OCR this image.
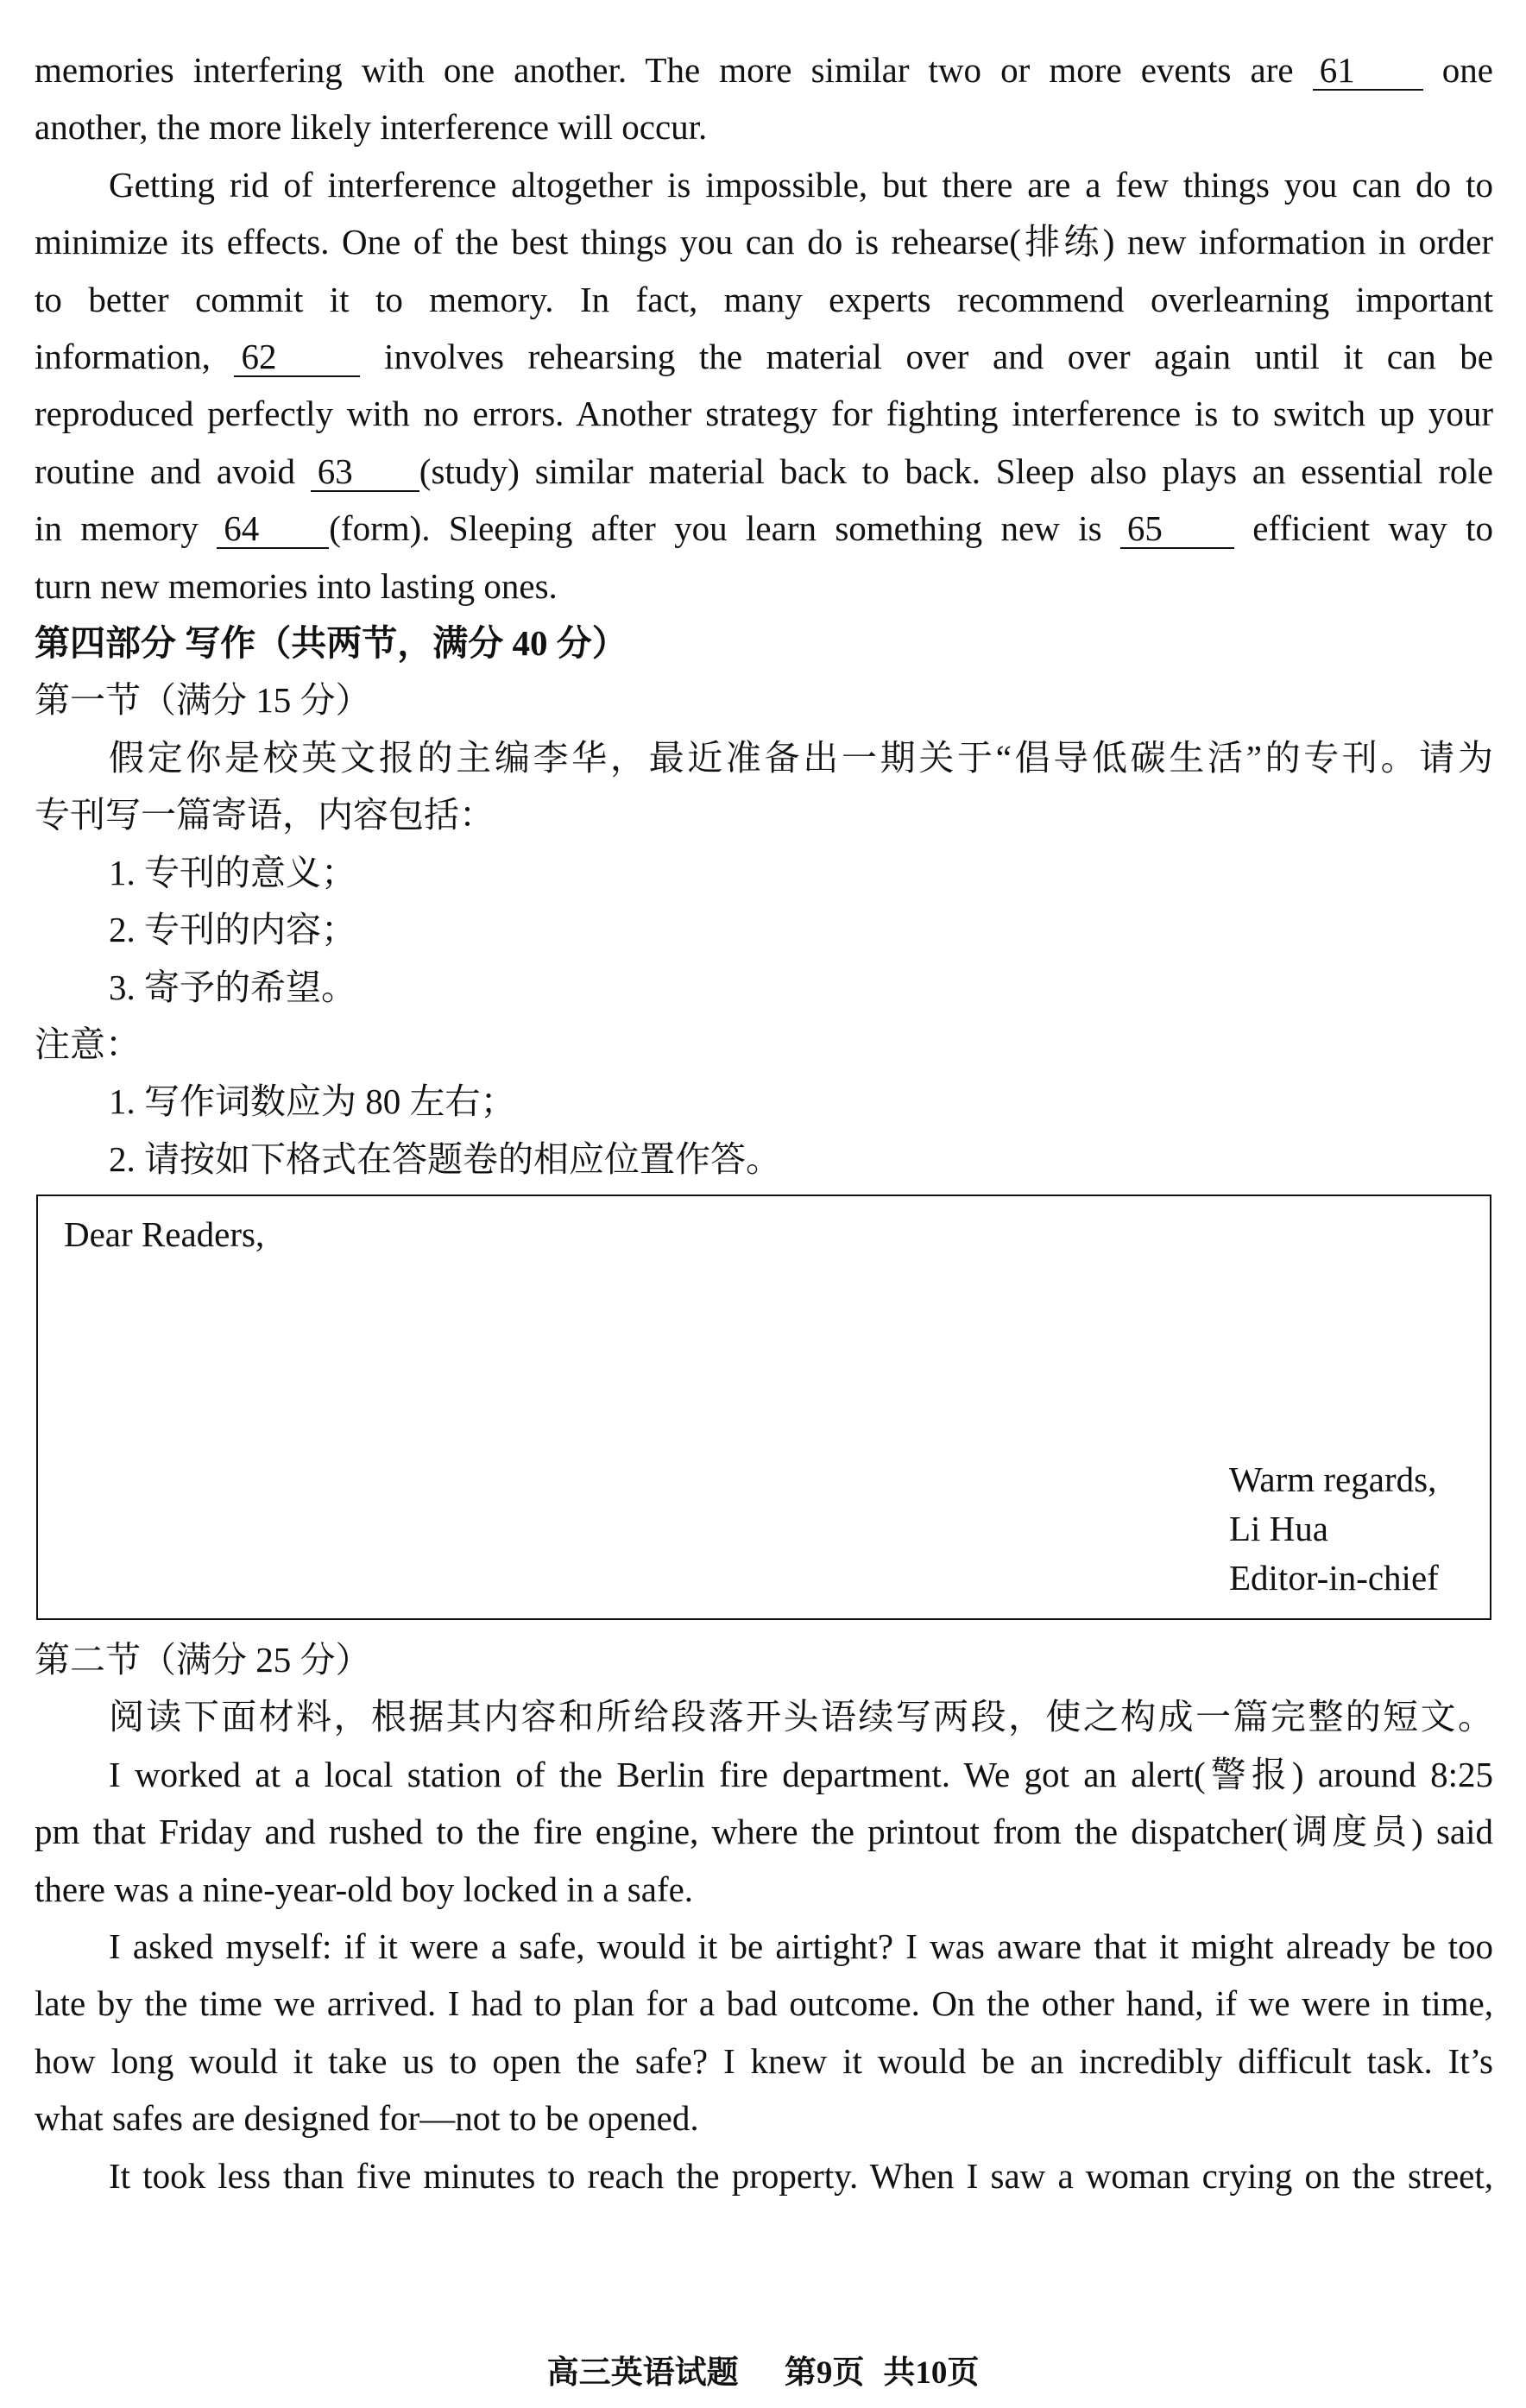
memories interfering with one another. The more similar two or more events are 61 one

another, the more likely interference will occur.

Getting rid of interference altogether is impossible, but there are a few things you can do to

minimize its effects. One of the best things you can do is rehearse(排练) new information in order

to better commit it to memory. In fact, many experts recommend overlearning important

information, 62	involves rehearsing the material over and over again until it can be

reproduced perfectly with no errors. Another strategy for fighting interference is to switch up your

routine and avoid 63 (study) similar material back to back. Sleep also plays an essential role

in memory 64 (form). Sleeping after you learn something new is 65	efficient way to

turn new memories into lasting ones.

第四部分 写作（共两节，满分 40 分）

第一节（满分 15 分）

假定你是校英文报的主编李华，最近准备出一期关于“倡导低碳生活”的专刊。请为

专刊写一篇寄语，内容包括：

1. 专刊的意义；

2. 专刊的内容；

3. 寄予的希望。

注意：

1. 写作词数应为 80 左右；

2. 请按如下格式在答题卷的相应位置作答。

Dear Readers,
Warm regards,
Li Hua
Editor-in-chief

第二节（满分 25 分）

阅读下面材料，根据其内容和所给段落开头语续写两段，使之构成一篇完整的短文。

I worked at a local station of the Berlin fire department. We got an alert(警报) around 8:25

pm that Friday and rushed to the fire engine, where the printout from the dispatcher(调度员) said

there was a nine-year-old boy locked in a safe.

I asked myself: if it were a safe, would it be airtight? I was aware that it might already be too

late by the time we arrived. I had to plan for a bad outcome. On the other hand, if we were in time,

how long would it take us to open the safe? I knew it would be an incredibly difficult task. It’s

what safes are designed for—not to be opened.

It took less than five minutes to reach the property. When I saw a woman crying on the street,

高三英语试题 第9页 共10页
